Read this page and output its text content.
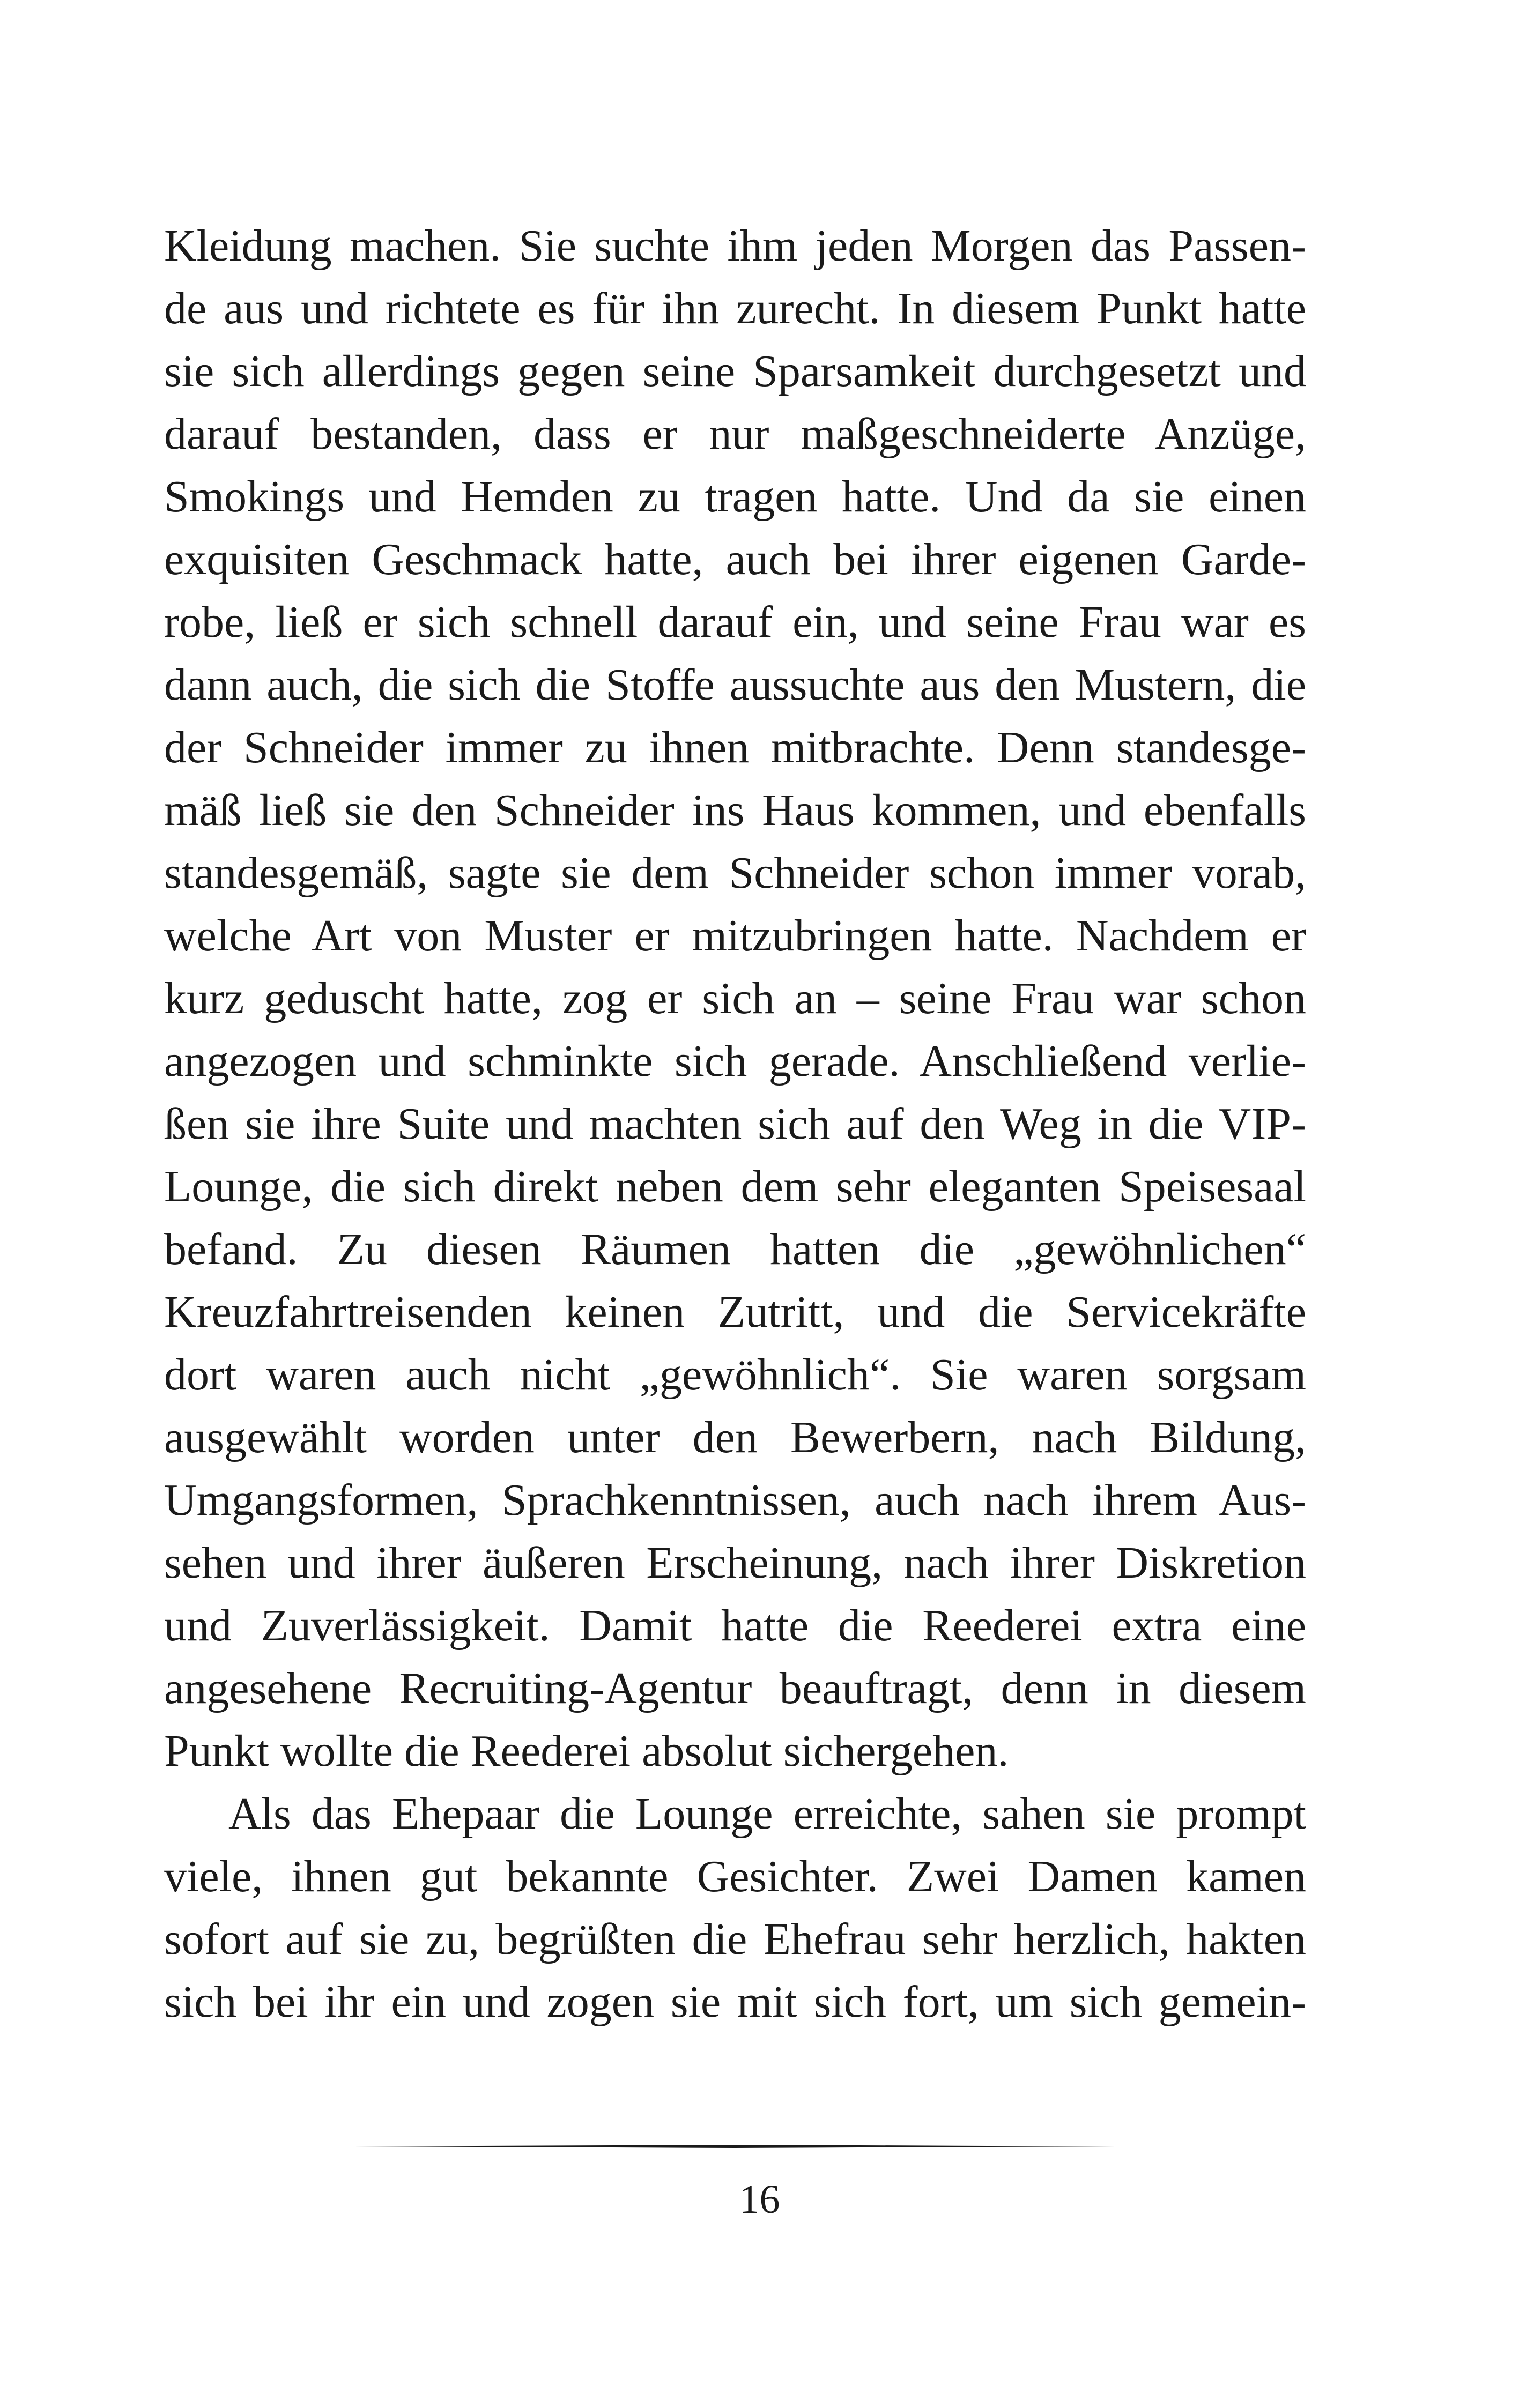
Kleidung machen. Sie suchte ihm jeden Morgen das Passen-
de aus und richtete es für ihn zurecht. In diesem Punkt hatte
sie sich allerdings gegen seine Sparsamkeit durchgesetzt und
darauf bestanden, dass er nur maßgeschneiderte Anzüge,
Smokings und Hemden zu tragen hatte. Und da sie einen
exquisiten Geschmack hatte, auch bei ihrer eigenen Garde-
robe, ließ er sich schnell darauf ein, und seine Frau war es
dann auch, die sich die Stoffe aussuchte aus den Mustern, die
der Schneider immer zu ihnen mitbrachte. Denn standesge-
mäß ließ sie den Schneider ins Haus kommen, und ebenfalls
standesgemäß, sagte sie dem Schneider schon immer vorab,
welche Art von Muster er mitzubringen hatte. Nachdem er
kurz geduscht hatte, zog er sich an – seine Frau war schon
angezogen und schminkte sich gerade. Anschließend verlie-
ßen sie ihre Suite und machten sich auf den Weg in die VIP-
Lounge, die sich direkt neben dem sehr eleganten Speisesaal
befand. Zu diesen Räumen hatten die „gewöhnlichen“
Kreuzfahrtreisenden keinen Zutritt, und die Servicekräfte
dort waren auch nicht „gewöhnlich“. Sie waren sorgsam
ausgewählt worden unter den Bewerbern, nach Bildung,
Umgangsformen, Sprachkenntnissen, auch nach ihrem Aus-
sehen und ihrer äußeren Erscheinung, nach ihrer Diskretion
und Zuverlässigkeit. Damit hatte die Reederei extra eine
angesehene Recruiting-Agentur beauftragt, denn in diesem
Punkt wollte die Reederei absolut sichergehen.
Als das Ehepaar die Lounge erreichte, sahen sie prompt
viele, ihnen gut bekannte Gesichter. Zwei Damen kamen
sofort auf sie zu, begrüßten die Ehefrau sehr herzlich, hakten
sich bei ihr ein und zogen sie mit sich fort, um sich gemein-
16
